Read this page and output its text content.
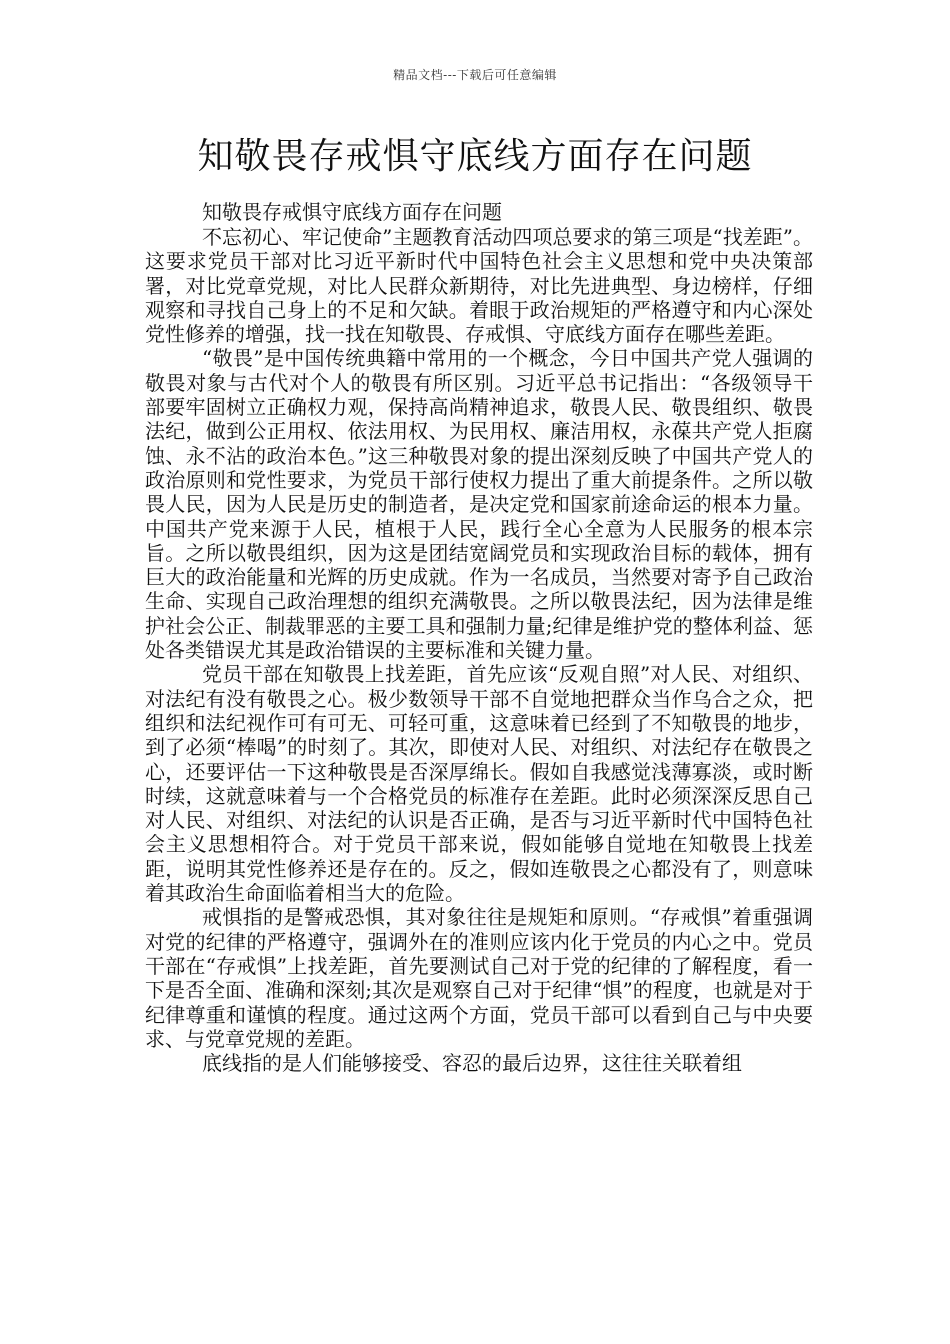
精品文档---下载后可任意编辑
知敬畏存戒惧守底线方面存在问题
知敬畏存戒惧守底线方面存在问题

不忘初心、牢记使命”主题教育活动四项总要求的第三项是“找差距”。这要求党员干部对比习近平新时代中国特色社会主义思想和党中央决策部署，对比党章党规，对比人民群众新期待，对比先进典型、身边榜样，仔细观察和寻找自己身上的不足和欠缺。着眼于政治规矩的严格遵守和内心深处党性修养的增强，找一找在知敬畏、存戒惧、守底线方面存在哪些差距。

“敬畏”是中国传统典籍中常用的一个概念，今日中国共产党人强调的敬畏对象与古代对个人的敬畏有所区别。习近平总书记指出：“各级领导干部要牢固树立正确权力观，保持高尚精神追求，敬畏人民、敬畏组织、敬畏法纪，做到公正用权、依法用权、为民用权、廉洁用权，永葆共产党人拒腐蚀、永不沾的政治本色。”这三种敬畏对象的提出深刻反映了中国共产党人的政治原则和党性要求，为党员干部行使权力提出了重大前提条件。之所以敬畏人民，因为人民是历史的制造者，是决定党和国家前途命运的根本力量。中国共产党来源于人民，植根于人民，践行全心全意为人民服务的根本宗旨。之所以敬畏组织，因为这是团结宽阔党员和实现政治目标的载体，拥有巨大的政治能量和光辉的历史成就。作为一名成员，当然要对寄予自己政治生命、实现自己政治理想的组织充满敬畏。之所以敬畏法纪，因为法律是维护社会公正、制裁罪恶的主要工具和强制力量;纪律是维护党的整体利益、惩处各类错误尤其是政治错误的主要标准和关键力量。

党员干部在知敬畏上找差距，首先应该“反观自照”对人民、对组织、对法纪有没有敬畏之心。极少数领导干部不自觉地把群众当作乌合之众，把组织和法纪视作可有可无、可轻可重，这意味着已经到了不知敬畏的地步，到了必须“棒喝”的时刻了。其次，即使对人民、对组织、对法纪存在敬畏之心，还要评估一下这种敬畏是否深厚绵长。假如自我感觉浅薄寡淡，或时断时续，这就意味着与一个合格党员的标准存在差距。此时必须深深反思自己对人民、对组织、对法纪的认识是否正确，是否与习近平新时代中国特色社会主义思想相符合。对于党员干部来说，假如能够自觉地在知敬畏上找差距，说明其党性修养还是存在的。反之，假如连敬畏之心都没有了，则意味着其政治生命面临着相当大的危险。

戒惧指的是警戒恐惧，其对象往往是规矩和原则。“存戒惧”着重强调对党的纪律的严格遵守，强调外在的准则应该内化于党员的内心之中。党员干部在“存戒惧”上找差距，首先要测试自己对于党的纪律的了解程度，看一下是否全面、准确和深刻;其次是观察自己对于纪律“惧”的程度，也就是对于纪律尊重和谨慎的程度。通过这两个方面，党员干部可以看到自己与中央要求、与党章党规的差距。

底线指的是人们能够接受、容忍的最后边界，这往往关联着组
